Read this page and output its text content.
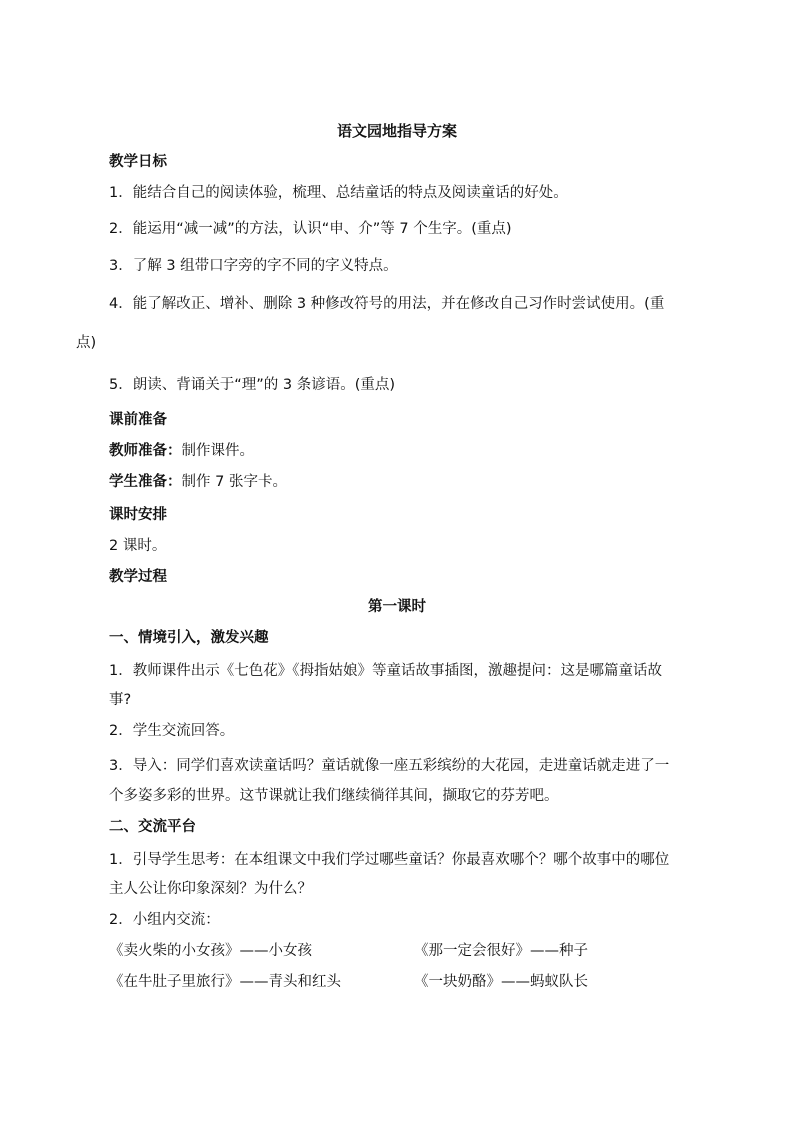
语文园地指导方案
教学日标
1．能结合自己的阅读体验，梳理、总结童话的特点及阅读童话的好处。
2．能运用“减一减”的方法，认识“申、介”等 7 个生字。(重点)
3．了解 3 组带口字旁的字不同的字义特点。
4．能了解改正、增补、删除 3 种修改符号的用法，并在修改自己习作时尝试使用。(重
点)
5．朗读、背诵关于“理”的 3 条谚语。(重点)
课前准备
教师准备：制作课件。
学生准备：制作 7 张字卡。
课时安排
2 课时。
教学过程
第一课时
一、情境引入，激发兴趣
1．教师课件出示《七色花》《拇指姑娘》等童话故事插图，激趣提问：这是哪篇童话故
事?
2．学生交流回答。
3．导入：同学们喜欢读童话吗？童话就像一座五彩缤纷的大花园，走进童话就走进了一
个多姿多彩的世界。这节课就让我们继续徜徉其间，撷取它的芬芳吧。
二、交流平台
1．引导学生思考：在本组课文中我们学过哪些童话？你最喜欢哪个？哪个故事中的哪位
主人公让你印象深刻？为什么？
2．小组内交流：
《卖火柴的小女孩》——小女孩	《那一定会很好》——种子
《在牛肚子里旅行》——青头和红头	《一块奶酪》——蚂蚁队长
